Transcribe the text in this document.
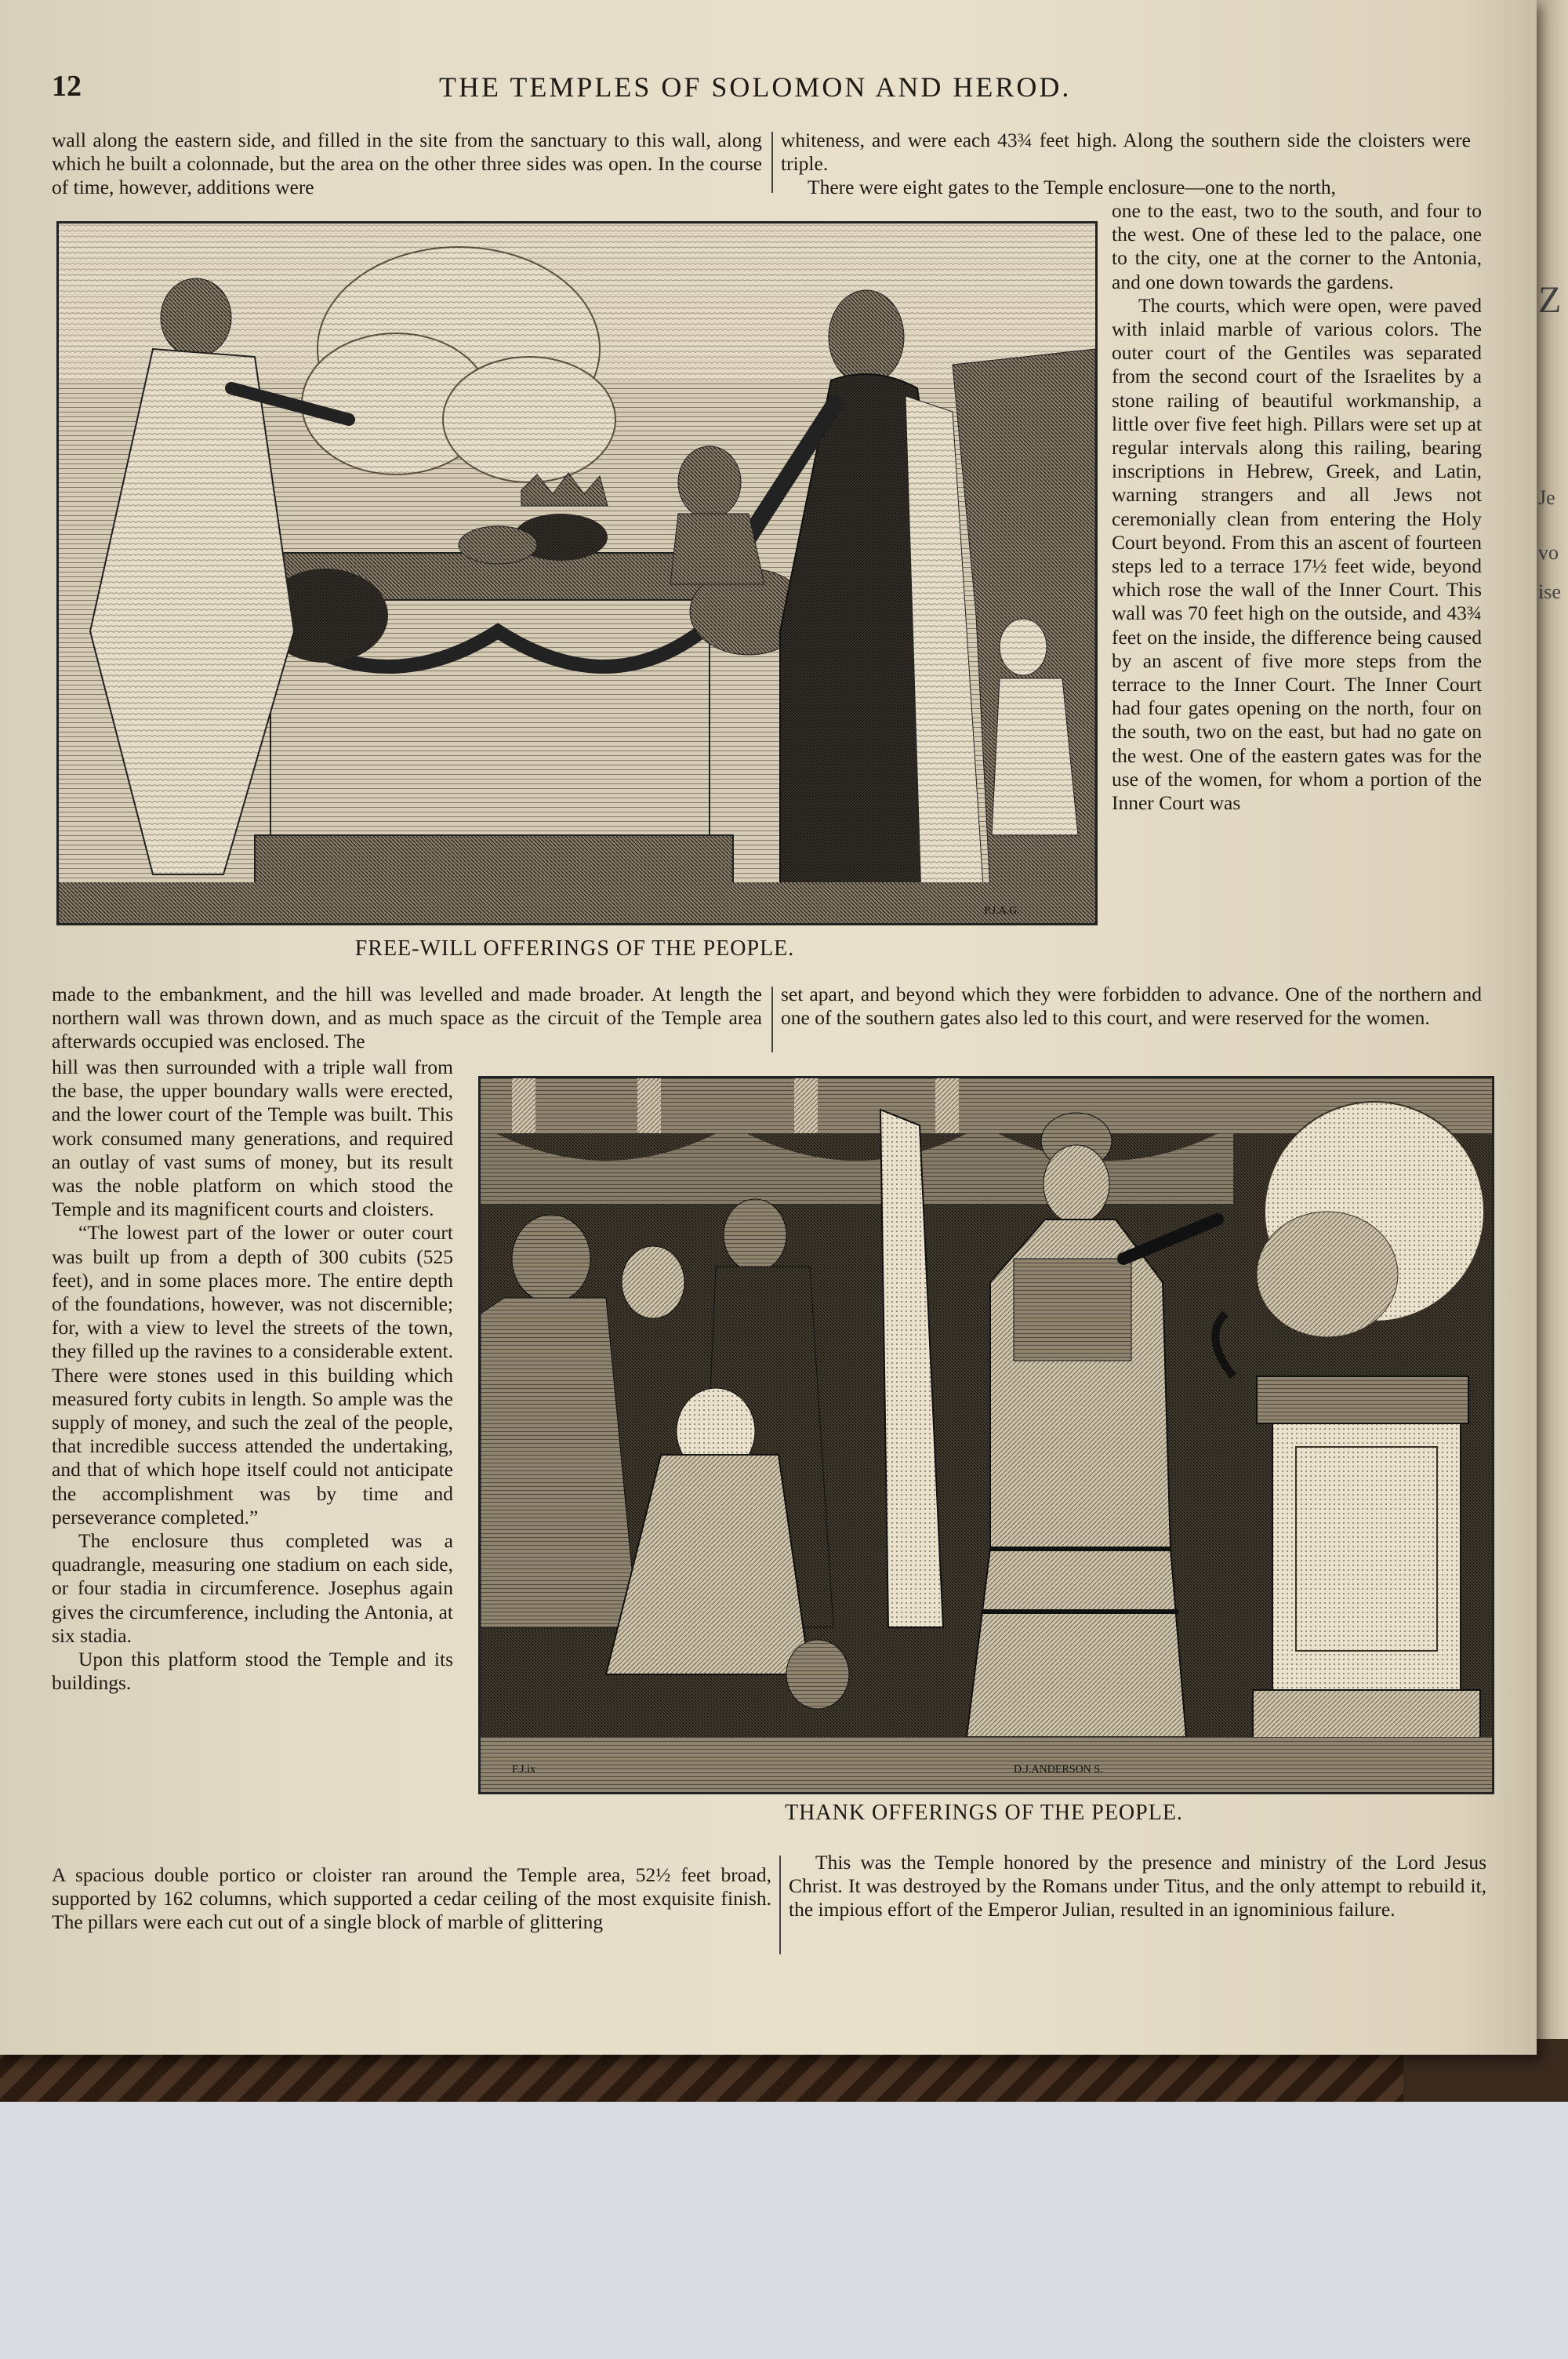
Z
Je
vo
ise
12	THE TEMPLES OF SOLOMON AND HEROD.

wall along the eastern side, and filled in the site from the sanctuary to this wall, along which he built a colonnade, but the area on the other three sides was open. In the course of time, however, additions were

whiteness, and were each 43¾ feet high. Along the southern side the cloisters were triple.

There were eight gates to the Temple enclosure—one to the north,

P.J.A.G.
FREE-WILL OFFERINGS OF THE PEOPLE.

one to the east, two to the south, and four to the west. One of these led to the palace, one to the city, one at the corner to the Antonia, and one down towards the gardens.

The courts, which were open, were paved with inlaid marble of various colors. The outer court of the Gentiles was separated from the second court of the Israelites by a stone railing of beautiful workmanship, a little over five feet high. Pillars were set up at regular intervals along this railing, bearing inscriptions in Hebrew, Greek, and Latin, warning strangers and all Jews not ceremonially clean from entering the Holy Court beyond. From this an ascent of fourteen steps led to a terrace 17½ feet wide, beyond which rose the wall of the Inner Court. This wall was 70 feet high on the outside, and 43¾ feet on the inside, the difference being caused by an ascent of five more steps from the terrace to the Inner Court. The Inner Court had four gates opening on the north, four on the south, two on the east, but had no gate on the west. One of the eastern gates was for the use of the women, for whom a portion of the Inner Court was

made to the embankment, and the hill was levelled and made broader. At length the northern wall was thrown down, and as much space as the circuit of the Temple area afterwards occupied was enclosed. The

set apart, and beyond which they were forbidden to advance. One of the northern and one of the southern gates also led to this court, and were reserved for the women.

hill was then surrounded with a triple wall from the base, the upper boundary walls were erected, and the lower court of the Temple was built. This work consumed many generations, and required an outlay of vast sums of money, but its result was the noble platform on which stood the Temple and its magnificent courts and cloisters.

“The lowest part of the lower or outer court was built up from a depth of 300 cubits (525 feet), and in some places more. The entire depth of the foundations, however, was not discernible; for, with a view to level the streets of the town, they filled up the ravines to a considerable extent. There were stones used in this building which measured forty cubits in length. So ample was the supply of money, and such the zeal of the people, that incredible success attended the undertaking, and that of which hope itself could not anticipate the accomplishment was by time and perseverance completed.”

The enclosure thus completed was a quadrangle, measuring one stadium on each side, or four stadia in circumference. Josephus again gives the circumference, including the Antonia, at six stadia.

Upon this platform stood the Temple and its buildings.

F.J.ix	D.J.ANDERSON S.
THANK OFFERINGS OF THE PEOPLE.

A spacious double portico or cloister ran around the Temple area, 52½ feet broad, supported by 162 columns, which supported a cedar ceiling of the most exquisite finish. The pillars were each cut out of a single block of marble of glittering

This was the Temple honored by the presence and ministry of the Lord Jesus Christ. It was destroyed by the Romans under Titus, and the only attempt to rebuild it, the impious effort of the Emperor Julian, resulted in an ignominious failure.
